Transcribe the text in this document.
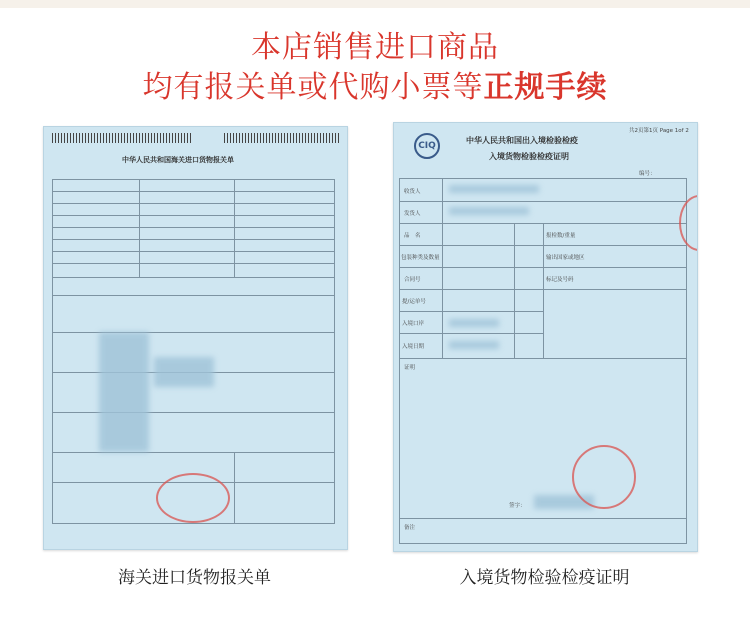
本店销售进口商品
均有报关单或代购小票等正规手续
中华人民共和国海关进口货物报关单
CIQ
共2页第1页 Page 1of 2
中华人民共和国出入境检验检疫
入境货物检验检疫证明
编号：
收货人
发货人
品　名
包装种类及数量
合同号
提/运单号
入境口岸
入境日期
报检数/重量
输出国家或地区
标记及号码
证明
签字：
备注
海关进口货物报关单	入境货物检验检疫证明
